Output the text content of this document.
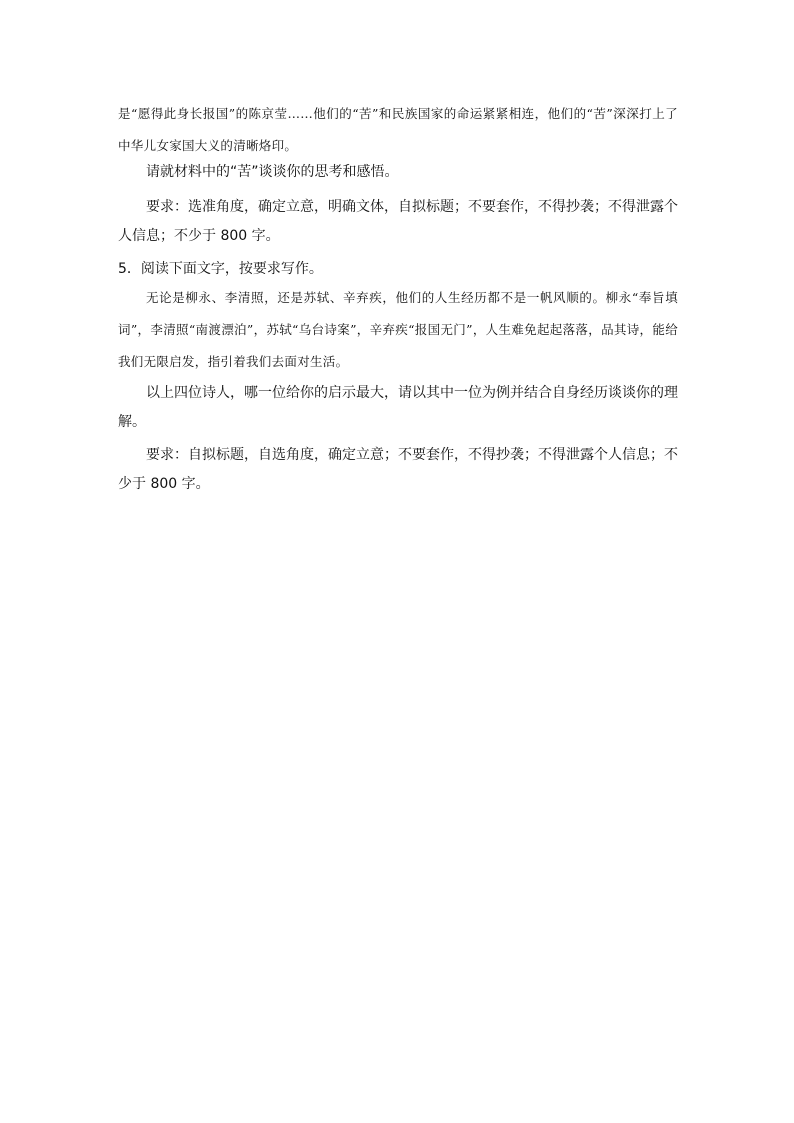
是“愿得此身长报国”的陈京莹……他们的“苦”和民族国家的命运紧紧相连，他们的“苦”深深打上了中华儿女家国大义的清晰烙印。

请就材料中的“苦”谈谈你的思考和感悟。

要求：选准角度，确定立意，明确文体，自拟标题；不要套作，不得抄袭；不得泄露个人信息；不少于 800 字。

5．阅读下面文字，按要求写作。

无论是柳永、李清照，还是苏轼、辛弃疾，他们的人生经历都不是一帆风顺的。柳永“奉旨填词”，李清照“南渡漂泊”，苏轼“乌台诗案”，辛弃疾“报国无门”，人生难免起起落落，品其诗，能给我们无限启发，指引着我们去面对生活。

以上四位诗人，哪一位给你的启示最大，请以其中一位为例并结合自身经历谈谈你的理解。

要求：自拟标题，自选角度，确定立意；不要套作，不得抄袭；不得泄露个人信息；不少于 800 字。
